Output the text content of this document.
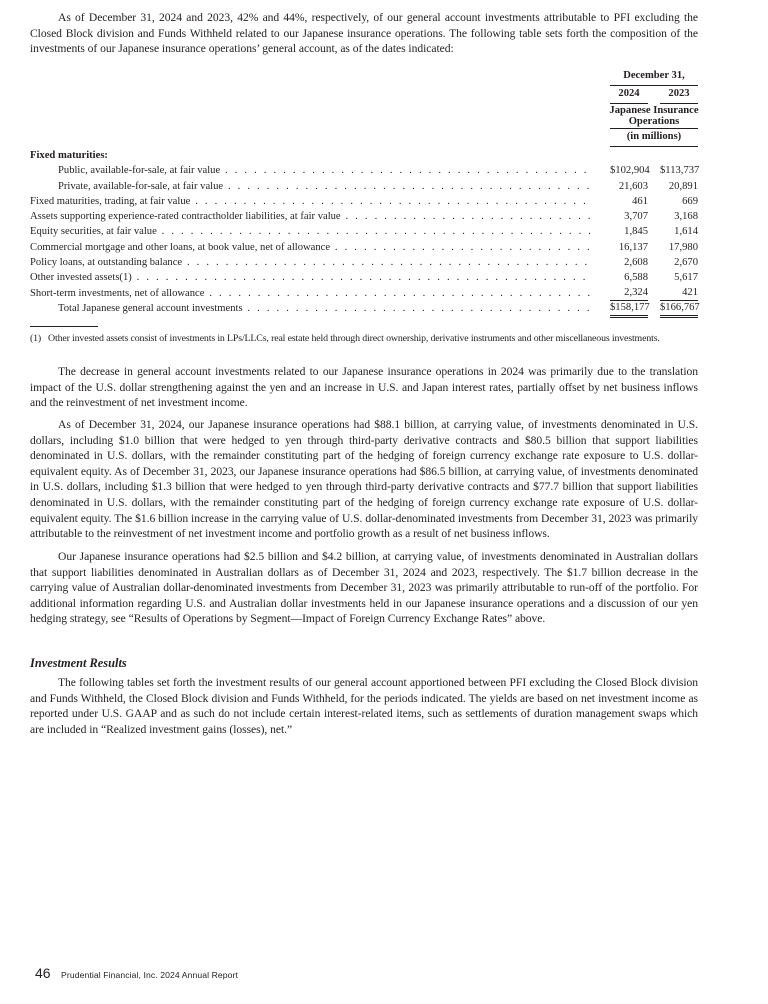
As of December 31, 2024 and 2023, 42% and 44%, respectively, of our general account investments attributable to PFI excluding the Closed Block division and Funds Withheld related to our Japanese insurance operations. The following table sets forth the composition of the investments of our Japanese insurance operations’ general account, as of the dates indicated:

December 31,
2024	2023
Japanese Insurance Operations
(in millions)
Fixed maturities:
Public, available-for-sale, at fair value . . .	$102,904 $113,737
Private, available-for-sale, at fair value . . .	21,603	20,891
Fixed maturities, trading, at fair value . . .	461	669
Assets supporting experience-rated contractholder liabilities, at fair value . . .	3,707	3,168
Equity securities, at fair value . . .	1,845	1,614
Commercial mortgage and other loans, at book value, net of allowance . . .	16,137	17,980
Policy loans, at outstanding balance . . .	2,608	2,670
Other invested assets(1) . . .	6,588	5,617
Short-term investments, net of allowance . . .	2,324	421
Total Japanese general account investments . . .	$158,177 $166,767
(1) Other invested assets consist of investments in LPs/LLCs, real estate held through direct ownership, derivative instruments and other miscellaneous investments.

The decrease in general account investments related to our Japanese insurance operations in 2024 was primarily due to the translation impact of the U.S. dollar strengthening against the yen and an increase in U.S. and Japan interest rates, partially offset by net business inflows and the reinvestment of net investment income.

As of December 31, 2024, our Japanese insurance operations had $88.1 billion, at carrying value, of investments denominated in U.S. dollars, including $1.0 billion that were hedged to yen through third-party derivative contracts and $80.5 billion that support liabilities denominated in U.S. dollars, with the remainder constituting part of the hedging of foreign currency exchange rate exposure to U.S. dollar-equivalent equity. As of December 31, 2023, our Japanese insurance operations had $86.5 billion, at carrying value, of investments denominated in U.S. dollars, including $1.3 billion that were hedged to yen through third-party derivative contracts and $77.7 billion that support liabilities denominated in U.S. dollars, with the remainder constituting part of the hedging of foreign currency exchange rate exposure of U.S. dollar-equivalent equity. The $1.6 billion increase in the carrying value of U.S. dollar-denominated investments from December 31, 2023 was primarily attributable to the reinvestment of net investment income and portfolio growth as a result of net business inflows.

Our Japanese insurance operations had $2.5 billion and $4.2 billion, at carrying value, of investments denominated in Australian dollars that support liabilities denominated in Australian dollars as of December 31, 2024 and 2023, respectively. The $1.7 billion decrease in the carrying value of Australian dollar-denominated investments from December 31, 2023 was primarily attributable to run-off of the portfolio. For additional information regarding U.S. and Australian dollar investments held in our Japanese insurance operations and a discussion of our yen hedging strategy, see “Results of Operations by Segment—Impact of Foreign Currency Exchange Rates” above.

Investment Results

The following tables set forth the investment results of our general account apportioned between PFI excluding the Closed Block division and Funds Withheld, the Closed Block division and Funds Withheld, for the periods indicated. The yields are based on net investment income as reported under U.S. GAAP and as such do not include certain interest-related items, such as settlements of duration management swaps which are included in “Realized investment gains (losses), net.”

46 Prudential Financial, Inc. 2024 Annual Report
